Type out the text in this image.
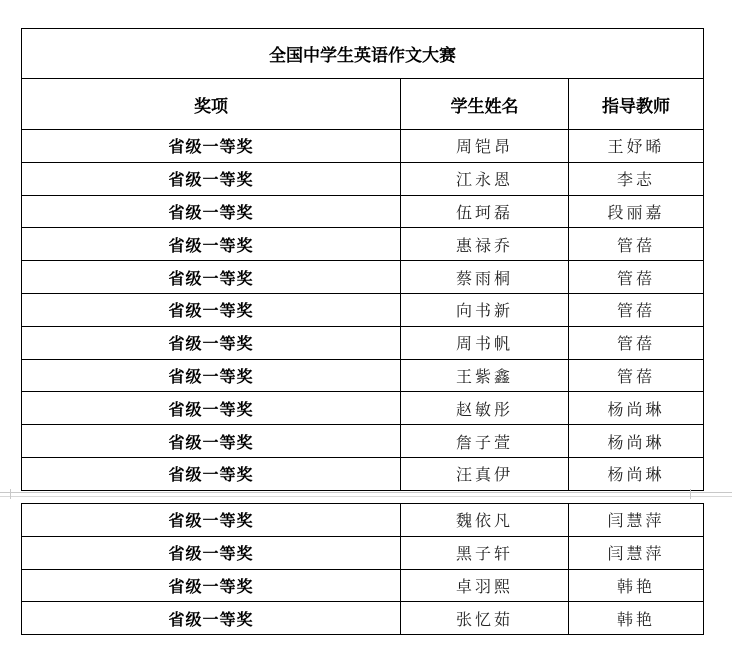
全国中学生英语作文大赛		
奖项	学生姓名	指导教师
省级一等奖	周铠昂	王妤晞
省级一等奖	江永恩	李志
省级一等奖	伍珂磊	段丽嘉
省级一等奖	惠禄乔	管蓓
省级一等奖	蔡雨桐	管蓓
省级一等奖	向书新	管蓓
省级一等奖	周书帆	管蓓
省级一等奖	王紫鑫	管蓓
省级一等奖	赵敏彤	杨尚琳
省级一等奖	詹子萱	杨尚琳
省级一等奖	汪真伊	杨尚琳
省级一等奖	魏依凡	闫慧萍
省级一等奖	黑子轩	闫慧萍
省级一等奖	卓羽熙	韩艳
省级一等奖	张忆茹	韩艳
